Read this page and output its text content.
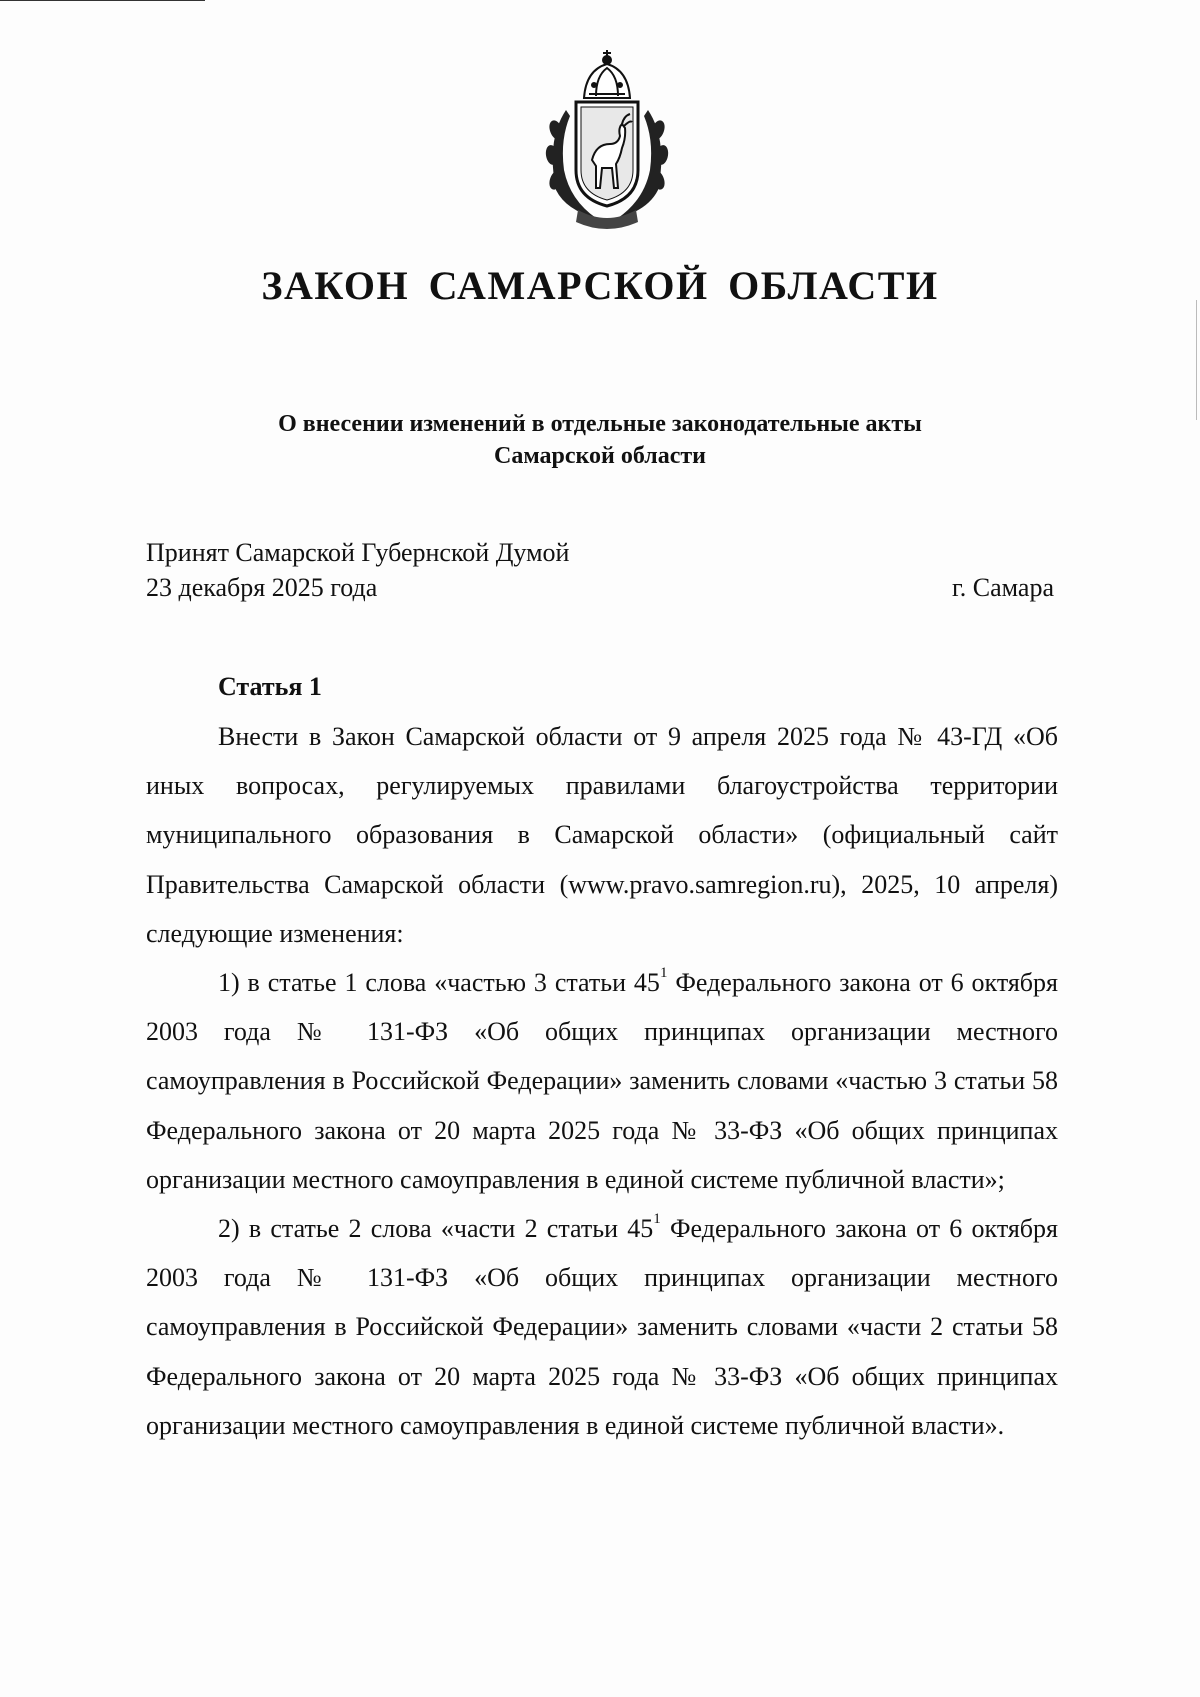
ЗАКОН САМАРСКОЙ ОБЛАСТИ
О внесении изменений в отдельные законодательные акты
Самарской области
Принят Самарской Губернской Думой
23 декабря 2025 года	г. Самара
Статья 1

Внести в Закон Самарской области от 9 апреля 2025 года № 43-ГД «Об иных вопросах, регулируемых правилами благоустройства территории муниципального образования в Самарской области» (официальный сайт Правительства Самарской области (www.pravo.samregion.ru), 2025, 10 апреля) следующие изменения:

1) в статье 1 слова «частью 3 статьи $45^1$ Федерального закона от 6 октября 2003 года № 131-ФЗ «Об общих принципах организации местного самоуправления в Российской Федерации» заменить словами «частью 3 статьи 58 Федерального закона от 20 марта 2025 года № 33-ФЗ «Об общих принципах организации местного самоуправления в единой системе публичной власти»;

2) в статье 2 слова «части 2 статьи $45^1$ Федерального закона от 6 октября 2003 года № 131-ФЗ «Об общих принципах организации местного самоуправления в Российской Федерации» заменить словами «части 2 статьи 58 Федерального закона от 20 марта 2025 года № 33-ФЗ «Об общих принципах организации местного самоуправления в единой системе публичной власти».
